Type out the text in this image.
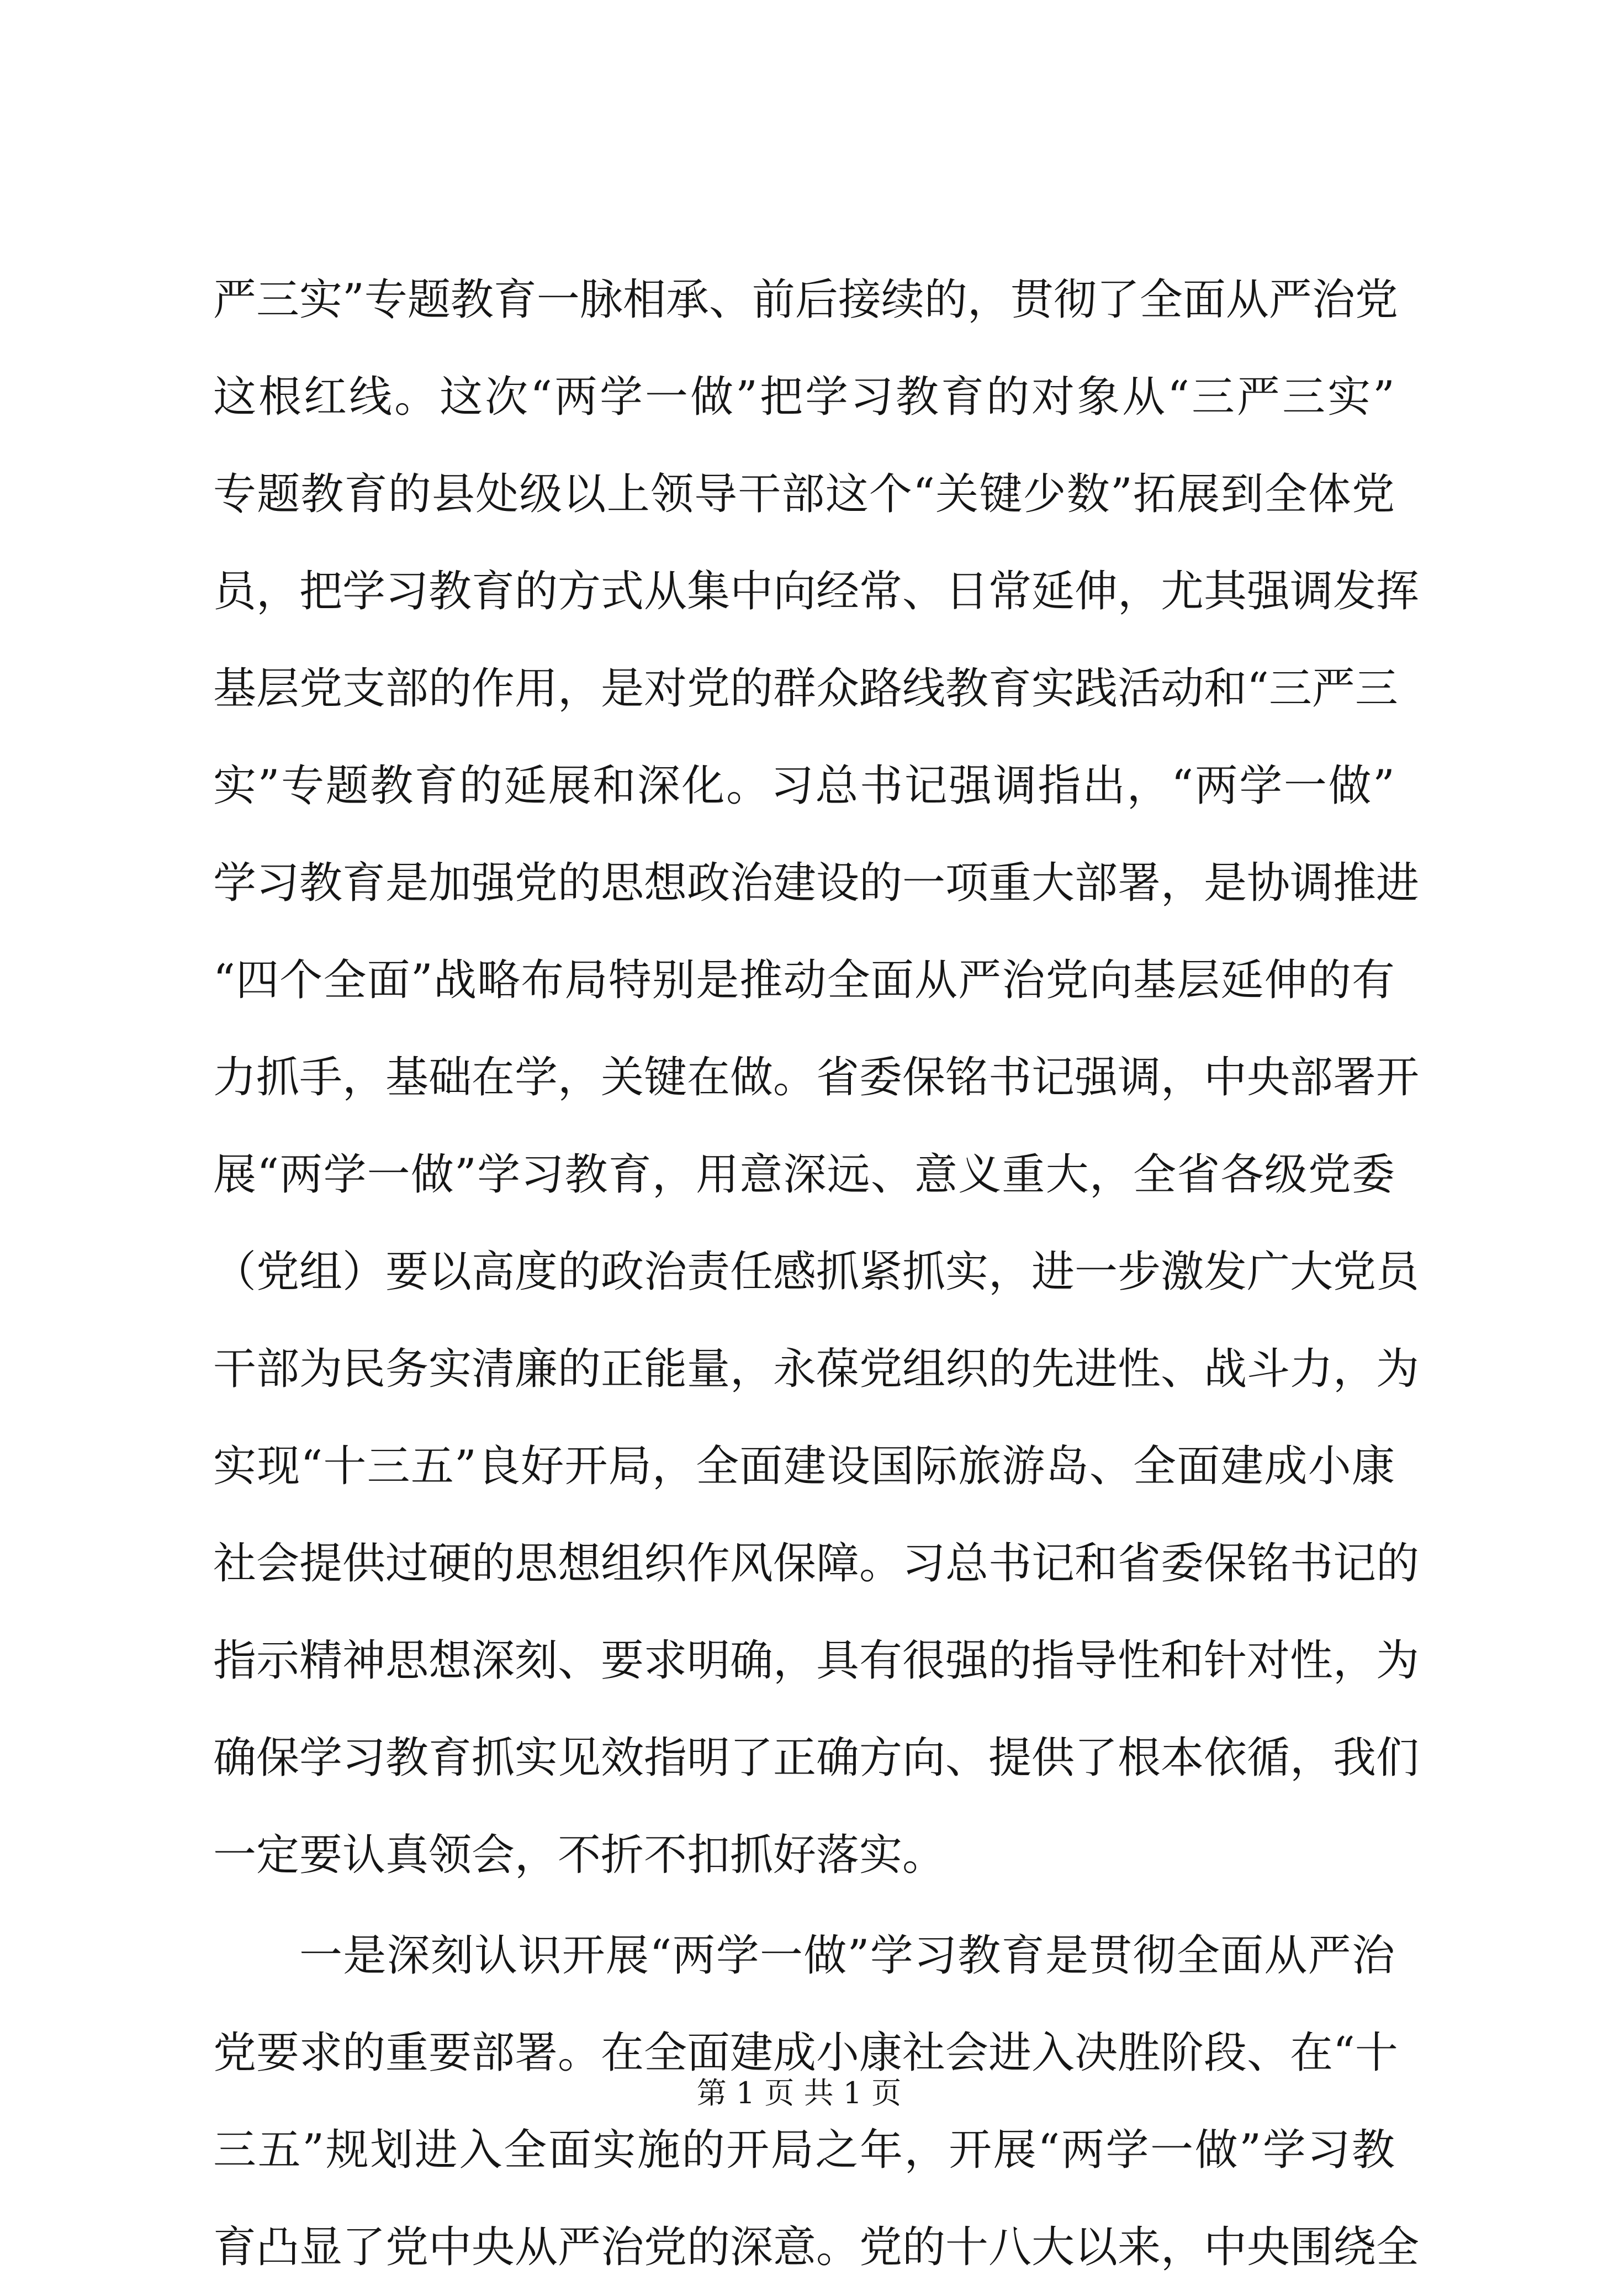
严三实”专题教育一脉相承、前后接续的，贯彻了全面从严治党
这根红线。这次“两学一做”把学习教育的对象从“三严三实”
专题教育的县处级以上领导干部这个“关键少数”拓展到全体党
员，把学习教育的方式从集中向经常、日常延伸，尤其强调发挥
基层党支部的作用，是对党的群众路线教育实践活动和“三严三
实”专题教育的延展和深化。习总书记强调指出，“两学一做”
学习教育是加强党的思想政治建设的一项重大部署，是协调推进
“四个全面”战略布局特别是推动全面从严治党向基层延伸的有
力抓手，基础在学，关键在做。省委保铭书记强调，中央部署开
展“两学一做”学习教育，用意深远、意义重大，全省各级党委
（党组）要以高度的政治责任感抓紧抓实，进一步激发广大党员
干部为民务实清廉的正能量，永葆党组织的先进性、战斗力，为
实现“十三五”良好开局，全面建设国际旅游岛、全面建成小康
社会提供过硬的思想组织作风保障。习总书记和省委保铭书记的
指示精神思想深刻、要求明确，具有很强的指导性和针对性，为
确保学习教育抓实见效指明了正确方向、提供了根本依循，我们
一定要认真领会，不折不扣抓好落实。
一是深刻认识开展“两学一做”学习教育是贯彻全面从严治
党要求的重要部署。在全面建成小康社会进入决胜阶段、在“十
三五”规划进入全面实施的开局之年，开展“两学一做”学习教
育凸显了党中央从严治党的深意。党的十八大以来，中央围绕全
第 1 页 共 1 页
